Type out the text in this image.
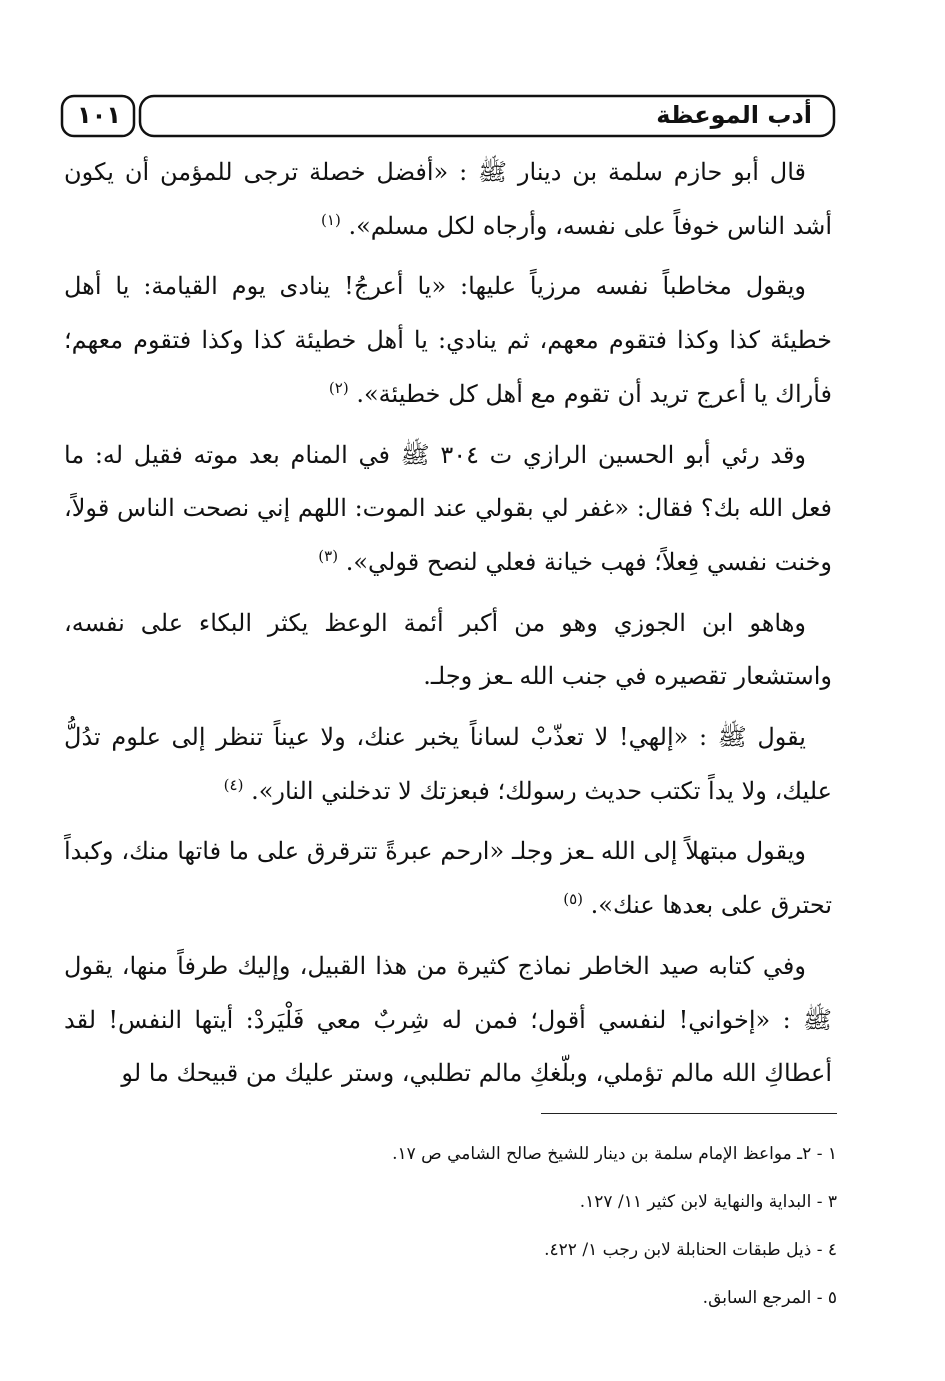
١٠١	أدب الموعظة

قال أبو حازم سلمة بن دينار ﷺ : «أفضل خصلة ترجى للمؤمن أن يكون أشد الناس خوفاً على نفسه، وأرجاه لكل مسلم». $^{(١)}$

ويقول مخاطباً نفسه مرزياً عليها: «يا أعرجُ! ينادى يوم القيامة: يا أهل خطيئة كذا وكذا فتقوم معهم، ثم ينادي: يا أهل خطيئة كذا وكذا فتقوم معهم؛ فأراك يا أعرج تريد أن تقوم مع أهل كل خطيئة». $^{(٢)}$

وقد رئي أبو الحسين الرازي ت ٣٠٤ ﷺ في المنام بعد موته فقيل له: ما فعل الله بك؟ فقال: «غفر لي بقولي عند الموت: اللهم إني نصحت الناس قولاً، وخنت نفسي فِعلاً؛ فهب خيانة فعلي لنصح قولي». $^{(٣)}$

وهاهو ابن الجوزي وهو من أكبر أئمة الوعظ يكثر البكاء على نفسه، واستشعار تقصيره في جنب الله ـعز وجلـ.

يقول ﷺ : «إلهي! لا تعذّبْ لساناً يخبر عنك، ولا عيناً تنظر إلى علوم تدُلُّ عليك، ولا يداً تكتب حديث رسولك؛ فبعزتك لا تدخلني النار». $^{(٤)}$

ويقول مبتهلاً إلى الله ـعز وجلـ «ارحم عبرةً تترقرق على ما فاتها منك، وكبداً تحترق على بعدها عنك». $^{(٥)}$

وفي كتابه صيد الخاطر نماذج كثيرة من هذا القبيل، وإليك طرفاً منها، يقول ﷺ : «إخواني! لنفسي أقول؛ فمن له شِربٌ معي فَلْيَردْ: أيتها النفس! لقد أعطاكِ الله مالم تؤملي، وبلّغكِ مالم تطلبي، وستر عليك من قبيحك ما لو

١ - ٢ـ مواعظ الإمام سلمة بن دينار للشيخ صالح الشامي ص ١٧.

٣ - البداية والنهاية لابن كثير ١١/ ١٢٧.

٤ - ذيل طبقات الحنابلة لابن رجب ١/ ٤٢٢.

٥ - المرجع السابق.
